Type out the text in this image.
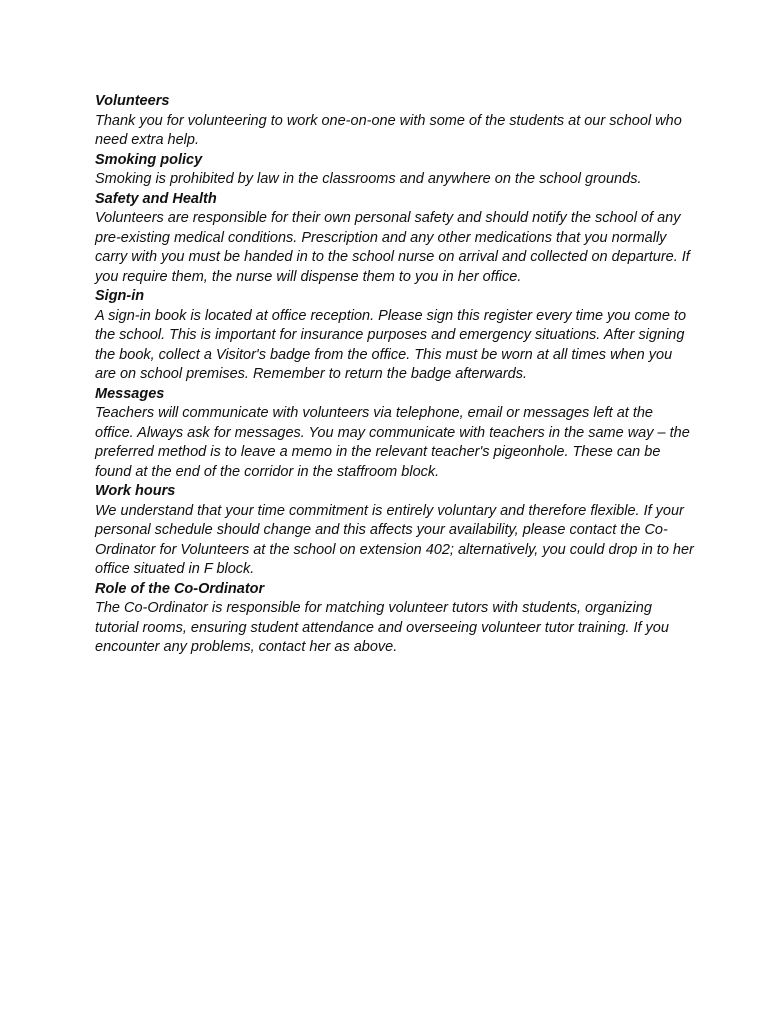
Volunteers

Thank you for volunteering to work one-on-one with some of the students at our school who need extra help.

Smoking policy

Smoking is prohibited by law in the classrooms and anywhere on the school grounds.

Safety and Health

Volunteers are responsible for their own personal safety and should notify the school of any pre-existing medical conditions. Prescription and any other medications that you normally carry with you must be handed in to the school nurse on arrival and collected on departure. If you require them, the nurse will dispense them to you in her office.

Sign-in

A sign-in book is located at office reception. Please sign this register every time you come to the school. This is important for insurance purposes and emergency situations. After signing the book, collect a Visitor's badge from the office. This must be worn at all times when you are on school premises. Remember to return the badge afterwards.

Messages

Teachers will communicate with volunteers via telephone, email or messages left at the office. Always ask for messages. You may communicate with teachers in the same way – the preferred method is to leave a memo in the relevant teacher's pigeonhole. These can be found at the end of the corridor in the staffroom block.

Work hours

We understand that your time commitment is entirely voluntary and therefore flexible. If your personal schedule should change and this affects your availability, please contact the Co-Ordinator for Volunteers at the school on extension 402; alternatively, you could drop in to her office situated in F block.

Role of the Co-Ordinator

The Co-Ordinator is responsible for matching volunteer tutors with students, organizing tutorial rooms, ensuring student attendance and overseeing volunteer tutor training. If you encounter any problems, contact her as above.
